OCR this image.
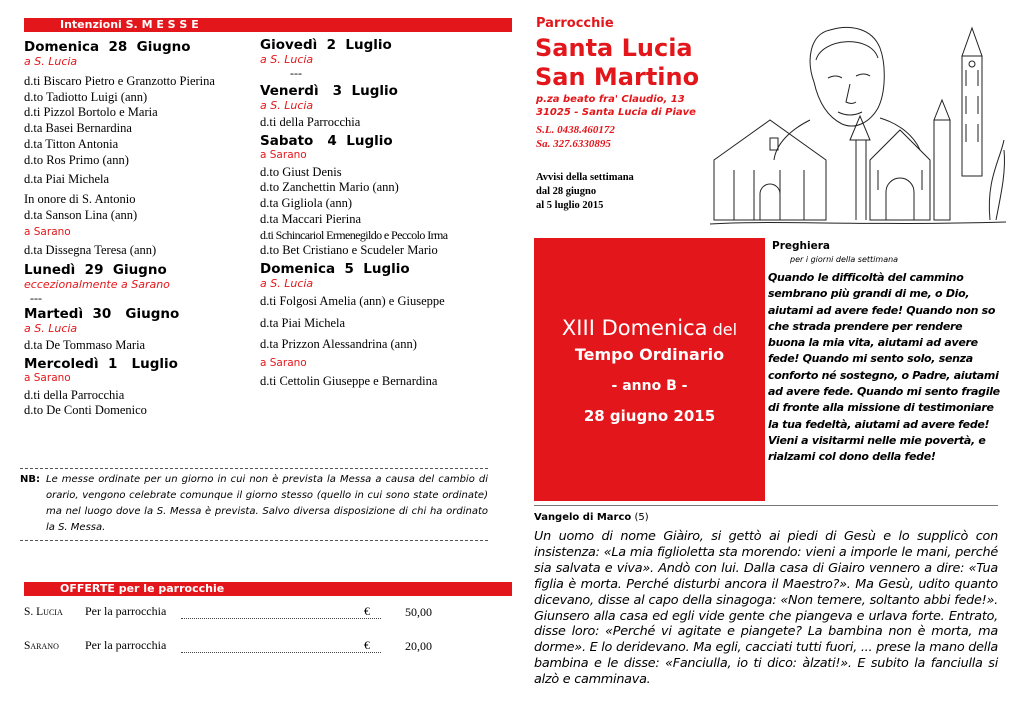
Intenzioni S. M E S S E
Domenica  28  Giugno
a S. Lucia
d.ti Biscaro Pietro e Granzotto Pierina
d.to Tadiotto Luigi (ann)
d.ti Pizzol Bortolo e Maria
d.ta Basei Bernardina
d.ta Titton Antonia
d.to Ros Primo (ann)
d.ta Piai Michela
In onore di S. Antonio
d.ta Sanson Lina (ann)
a Sarano
d.ta Dissegna Teresa (ann)
Lunedì  29  Giugno
eccezionalmente a Sarano
---
Martedì  30   Giugno
a S. Lucia
d.ta De Tommaso Maria
Mercoledì  1   Luglio
a Sarano
d.ti della Parrocchia
d.to De Conti Domenico
Giovedì  2  Luglio
a S. Lucia
---
Venerdì   3  Luglio
a S. Lucia
d.ti della Parrocchia
Sabato   4  Luglio
a Sarano
d.to Giust Denis
d.to Zanchettin Mario (ann)
d.ta Gigliola (ann)
d.ta Maccari Pierina
d.ti Schincariol Ermenegildo e Peccolo Irma
d.to Bet Cristiano e Scudeler Mario
Domenica  5  Luglio
a S. Lucia
d.ti Folgosi Amelia (ann) e Giuseppe
d.ta Piai Michela
d.ta Prizzon Alessandrina (ann)
a Sarano
d.ti Cettolin Giuseppe e Bernardina
NB: Le messe ordinate per un giorno in cui non è prevista la Messa a causa del cambio di orario, vengono celebrate comunque il giorno stesso (quello in cui sono state ordinate) ma nel luogo dove la S. Messa è prevista. Salvo diversa disposizione di chi ha ordinato la S. Messa.
OFFERTE per le parrocchie
S. Lucia Per la parrocchia	€	50,00
Sarano Per la parrocchia	€	20,00
Parrocchie
Santa Lucia
San Martino
p.za beato fra' Claudio, 13
31025 - Santa Lucia di Piave
S.L. 0438.460172
Sa. 327.6330895
Avvisi della settimana
dal 28 giugno
al 5 luglio 2015
XIII Domenica del
Tempo Ordinario
- anno B -
28 giugno 2015
Preghiera
per i giorni della settimana
Quando le difficoltà del cammino sembrano più grandi di me, o Dio, aiutami ad avere fede! Quando non so che strada prendere per rendere buona la mia vita, aiutami ad avere fede! Quando mi sento solo, senza conforto né sostegno, o Padre, aiutami ad avere fede. Quando mi sento fragile di fronte alla missione di testimoniare la tua fedeltà, aiutami ad avere fede! Vieni a visitarmi nelle mie povertà, e rialzami col dono della fede!
Vangelo di Marco (5)
Un uomo di nome Giàiro, si gettò ai piedi di Gesù e lo supplicò con insistenza: «La mia figlioletta sta morendo: vieni a imporle le mani, perché sia salvata e viva». Andò con lui. Dalla casa di Giairo vennero a dire: «Tua figlia è morta. Perché disturbi ancora il Maestro?». Ma Gesù, udito quanto dicevano, disse al capo della sinagoga: «Non temere, soltanto abbi fede!». Giunsero alla casa ed egli vide gente che piangeva e urlava forte. Entrato, disse loro: «Perché vi agitate e piangete? La bambina non è morta, ma dorme». E lo deridevano. Ma egli, cacciati tutti fuori, ... prese la mano della bambina e le disse: «Fanciulla, io ti dico: àlzati!». E subito la fanciulla si alzò e camminava.
